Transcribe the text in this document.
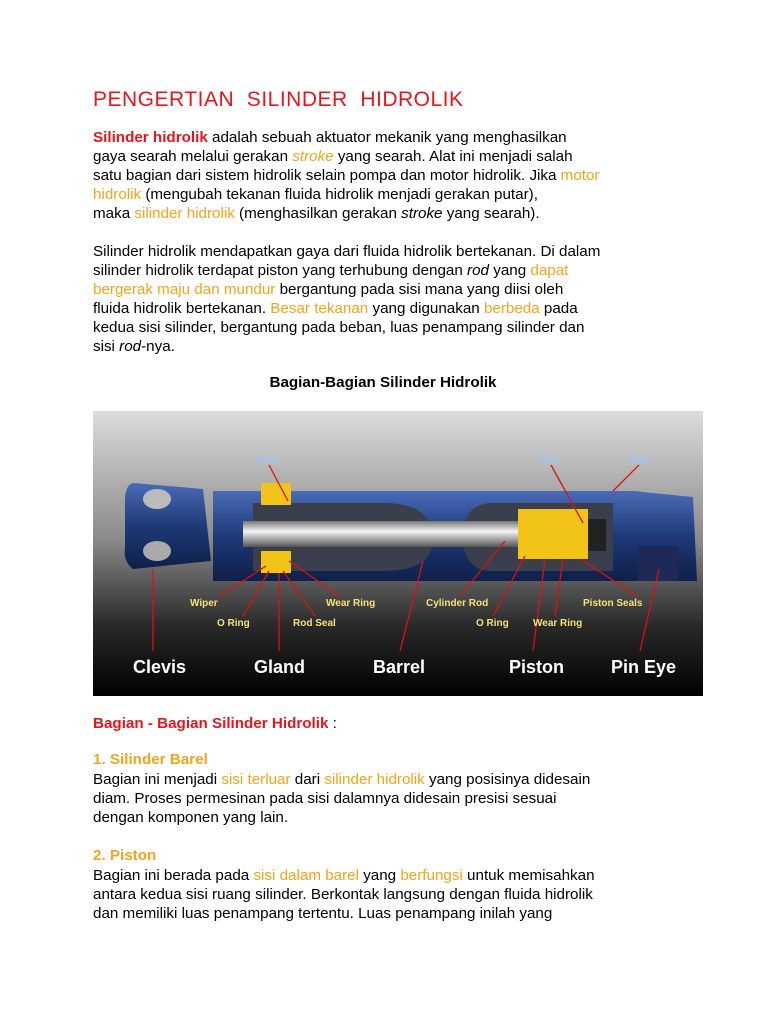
PENGERTIAN  SILINDER  HIDROLIK
Silinder hidrolik adalah sebuah aktuator mekanik yang menghasilkan
gaya searah melalui gerakan stroke yang searah. Alat ini menjadi salah
satu bagian dari sistem hidrolik selain pompa dan motor hidrolik. Jika motor
hidrolik (mengubah tekanan fluida hidrolik menjadi gerakan putar),
maka silinder hidrolik (menghasilkan gerakan stroke yang searah).
Silinder hidrolik mendapatkan gaya dari fluida hidrolik bertekanan. Di dalam
silinder hidrolik terdapat piston yang terhubung dengan rod yang dapat
bergerak maju dan mundur bergantung pada sisi mana yang diisi oleh
fluida hidrolik bertekanan. Besar tekanan yang digunakan berbeda pada
kedua sisi silinder, bergantung pada beban, luas penampang silinder dan
sisi rod-nya.
Bagian-Bagian Silinder Hidrolik
Port	Nut	Port
Wiper
O Ring
Wear Ring
Rod Seal
Cylinder Rod
O Ring Wear Ring
Piston Seals
Clevis	Gland	Barrel	Piston	Pin Eye
Bagian - Bagian Silinder Hidrolik :
1. Silinder Barel
Bagian ini menjadi sisi terluar dari silinder hidrolik yang posisinya didesain
diam. Proses permesinan pada sisi dalamnya didesain presisi sesuai
dengan komponen yang lain.
2. Piston
Bagian ini berada pada sisi dalam barel yang berfungsi untuk memisahkan
antara kedua sisi ruang silinder. Berkontak langsung dengan fluida hidrolik
dan memiliki luas penampang tertentu. Luas penampang inilah yang
